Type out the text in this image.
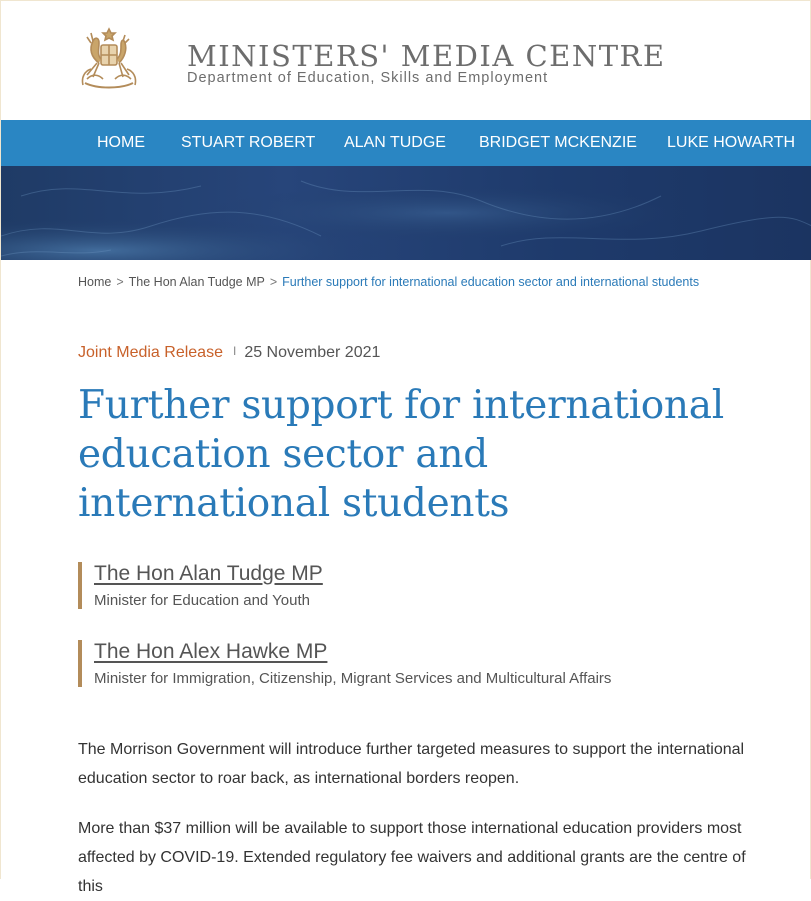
MINISTERS' MEDIA CENTRE
Department of Education, Skills and Employment
HOME STUART ROBERT ALAN TUDGE BRIDGET MCKENZIE LUKE HOWARTH
Home > The Hon Alan Tudge MP > Further support for international education sector and international students
Joint Media Release I 25 November 2021
Further support for international education sector and international students
The Hon Alan Tudge MP
Minister for Education and Youth
The Hon Alex Hawke MP
Minister for Immigration, Citizenship, Migrant Services and Multicultural Affairs

The Morrison Government will introduce further targeted measures to support the international education sector to roar back, as international borders reopen.

More than $37 million will be available to support those international education providers most affected by COVID-19. Extended regulatory fee waivers and additional grants are the centre of this
